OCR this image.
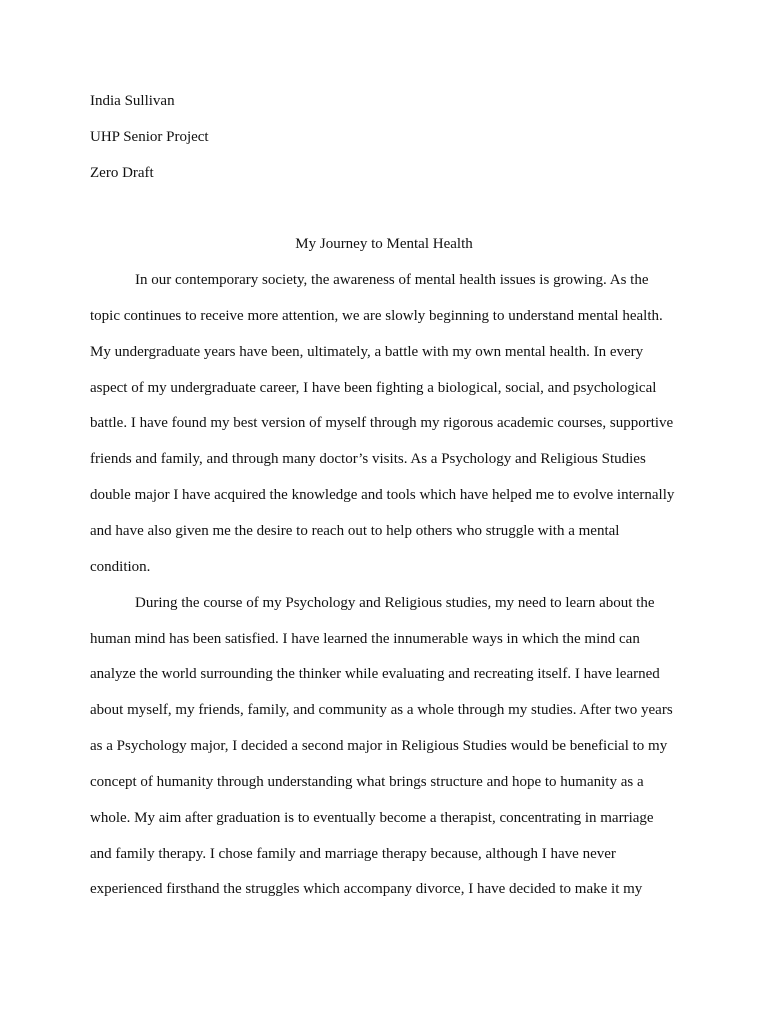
India Sullivan
UHP Senior Project
Zero Draft
My Journey to Mental Health
In our contemporary society, the awareness of mental health issues is growing. As the
topic continues to receive more attention, we are slowly beginning to understand mental health.
My undergraduate years have been, ultimately, a battle with my own mental health. In every
aspect of my undergraduate career, I have been fighting a biological, social, and psychological
battle. I have found my best version of myself through my rigorous academic courses, supportive
friends and family, and through many doctor’s visits. As a Psychology and Religious Studies
double major I have acquired the knowledge and tools which have helped me to evolve internally
and have also given me the desire to reach out to help others who struggle with a mental
condition.
During the course of my Psychology and Religious studies, my need to learn about the
human mind has been satisfied. I have learned the innumerable ways in which the mind can
analyze the world surrounding the thinker while evaluating and recreating itself. I have learned
about myself, my friends, family, and community as a whole through my studies. After two years
as a Psychology major, I decided a second major in Religious Studies would be beneficial to my
concept of humanity through understanding what brings structure and hope to humanity as a
whole. My aim after graduation is to eventually become a therapist, concentrating in marriage
and family therapy. I chose family and marriage therapy because, although I have never
experienced firsthand the struggles which accompany divorce, I have decided to make it my
